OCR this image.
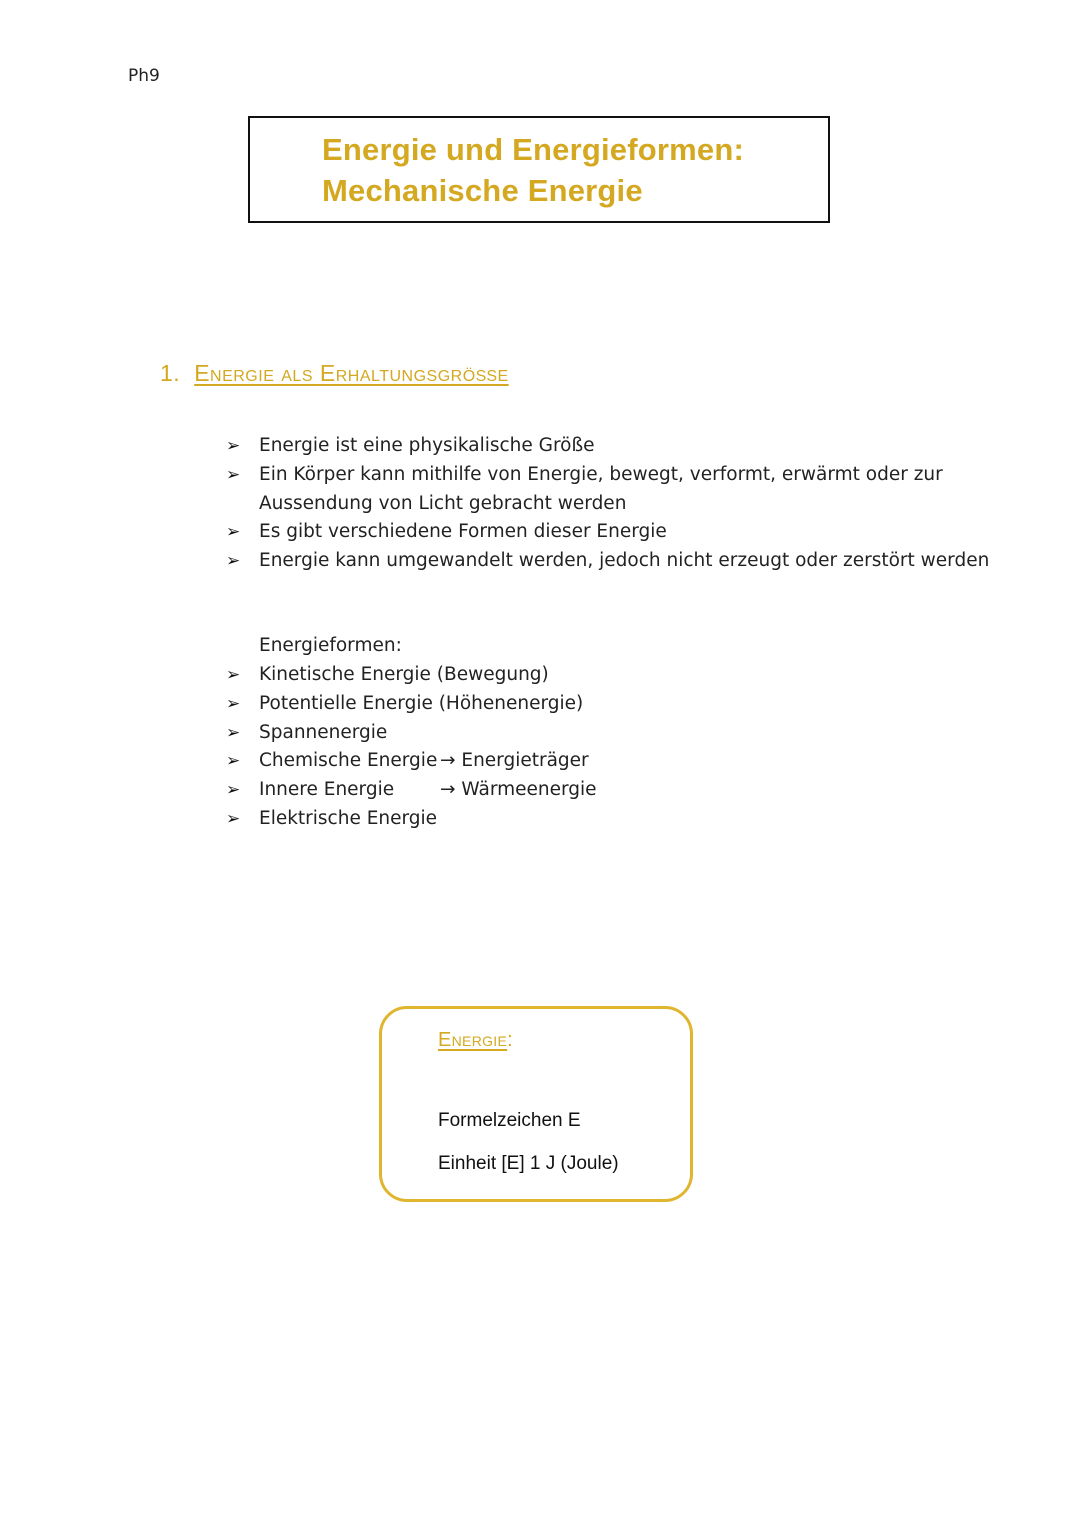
Ph9
Energie und Energieformen:
Mechanische Energie
1. Energie als Erhaltungsgröße
➢ Energie ist eine physikalische Größe
➢ Ein Körper kann mithilfe von Energie, bewegt, verformt, erwärmt oder zur
Aussendung von Licht gebracht werden
➢ Es gibt verschiedene Formen dieser Energie
➢ Energie kann umgewandelt werden, jedoch nicht erzeugt oder zerstört werden
Energieformen:
➢ Kinetische Energie (Bewegung)
➢ Potentielle Energie (Höhenenergie)
➢ Spannenergie
➢ Chemische Energie
➢ Innere Energie
➢ Elektrische Energie
→ Energieträger
→ Wärmeenergie
Energie:
Formelzeichen E
Einheit [E] 1 J (Joule)
